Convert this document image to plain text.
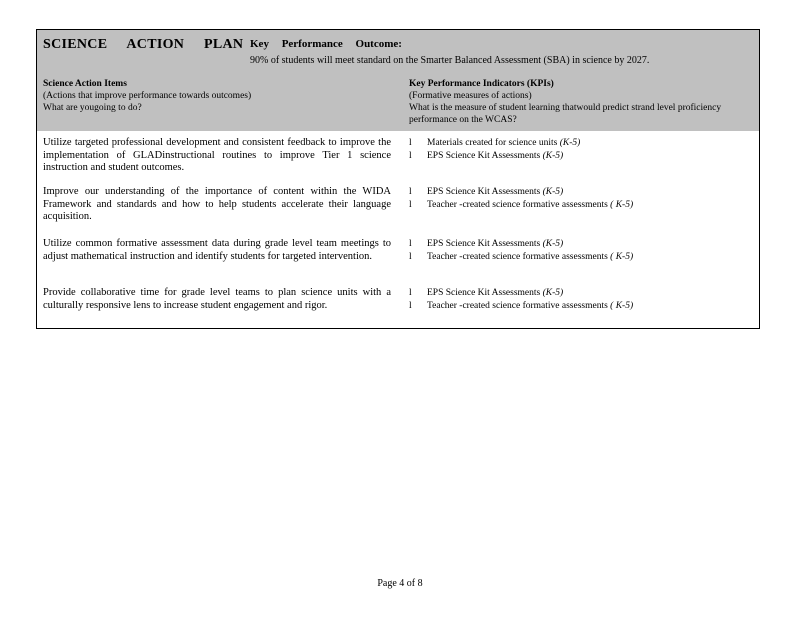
SCIENCE ACTION PLAN Key Performance Outcome:
90% of students will meet standard on the Smarter Balanced Assessment (SBA) in science by 2027.
Science Action Items
(Actions that improve performance towards outcomes)
What are yougoing to do?
Key Performance Indicators (KPIs)
(Formative measures of actions)
What is the measure of student learning thatwould predict strand level proficiency performance on the WCAS?
Utilize targeted professional development and consistent feedback to improve the implementation of GLADinstructional routines to improve Tier 1 science instruction and student outcomes.
l Materials created for science units (K-5)
l EPS Science Kit Assessments (K-5)
Improve our understanding of the importance of content within the WIDA Framework and standards and how to help students accelerate their language acquisition.
l EPS Science Kit Assessments (K-5)
l Teacher -created science formative assessments ( K-5)
Utilize common formative assessment data during grade level team meetings to adjust mathematical instruction and identify students for targeted intervention.
l EPS Science Kit Assessments (K-5)
l Teacher -created science formative assessments ( K-5)
Provide collaborative time for grade level teams to plan science units with a culturally responsive lens to increase student engagement and rigor.
l EPS Science Kit Assessments (K-5)
l Teacher -created science formative assessments ( K-5)
Page 4 of 8
